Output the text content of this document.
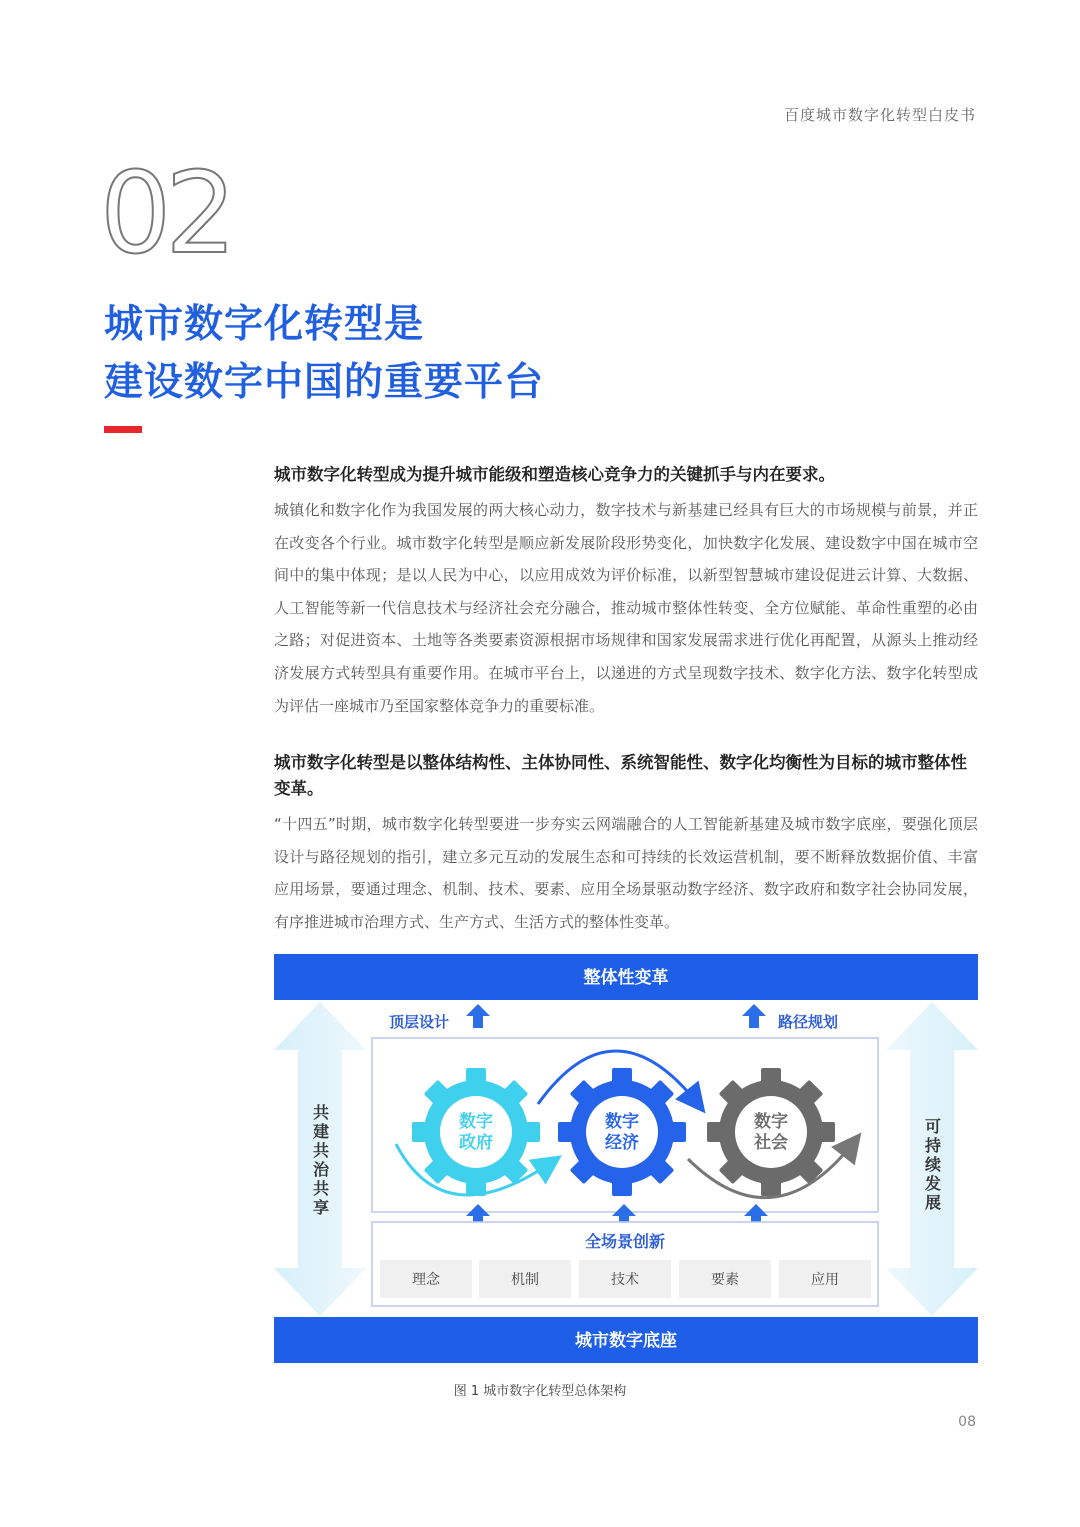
百度城市数字化转型白皮书
02
城市数字化转型是
建设数字中国的重要平台

城市数字化转型成为提升城市能级和塑造核心竞争力的关键抓手与内在要求。

城镇化和数字化作为我国发展的两大核心动力，数字技术与新基建已经具有巨大的市场规模与前景，并正在改变各个行业。城市数字化转型是顺应新发展阶段形势变化，加快数字化发展、建设数字中国在城市空间中的集中体现；是以人民为中心，以应用成效为评价标准，以新型智慧城市建设促进云计算、大数据、人工智能等新一代信息技术与经济社会充分融合，推动城市整体性转变、全方位赋能、革命性重塑的必由之路；对促进资本、土地等各类要素资源根据市场规律和国家发展需求进行优化再配置，从源头上推动经济发展方式转型具有重要作用。在城市平台上，以递进的方式呈现数字技术、数字化方法、数字化转型成为评估一座城市乃至国家整体竞争力的重要标准。

城市数字化转型是以整体结构性、主体协同性、系统智能性、数字化均衡性为目标的城市整体性变革。

“十四五”时期，城市数字化转型要进一步夯实云网端融合的人工智能新基建及城市数字底座，要强化顶层设计与路径规划的指引，建立多元互动的发展生态和可持续的长效运营机制，要不断释放数据价值、丰富应用场景，要通过理念、机制、技术、要素、应用全场景驱动数字经济、数字政府和数字社会协同发展，有序推进城市治理方式、生产方式、生活方式的整体性变革。

整体性变革
城市数字底座
共建共治共享	可持续发展
顶层设计	路径规划
数字
政府
数字
经济
数字
社会
全场景创新
理念	机制	技术	要素	应用
图 1 城市数字化转型总体架构
08
